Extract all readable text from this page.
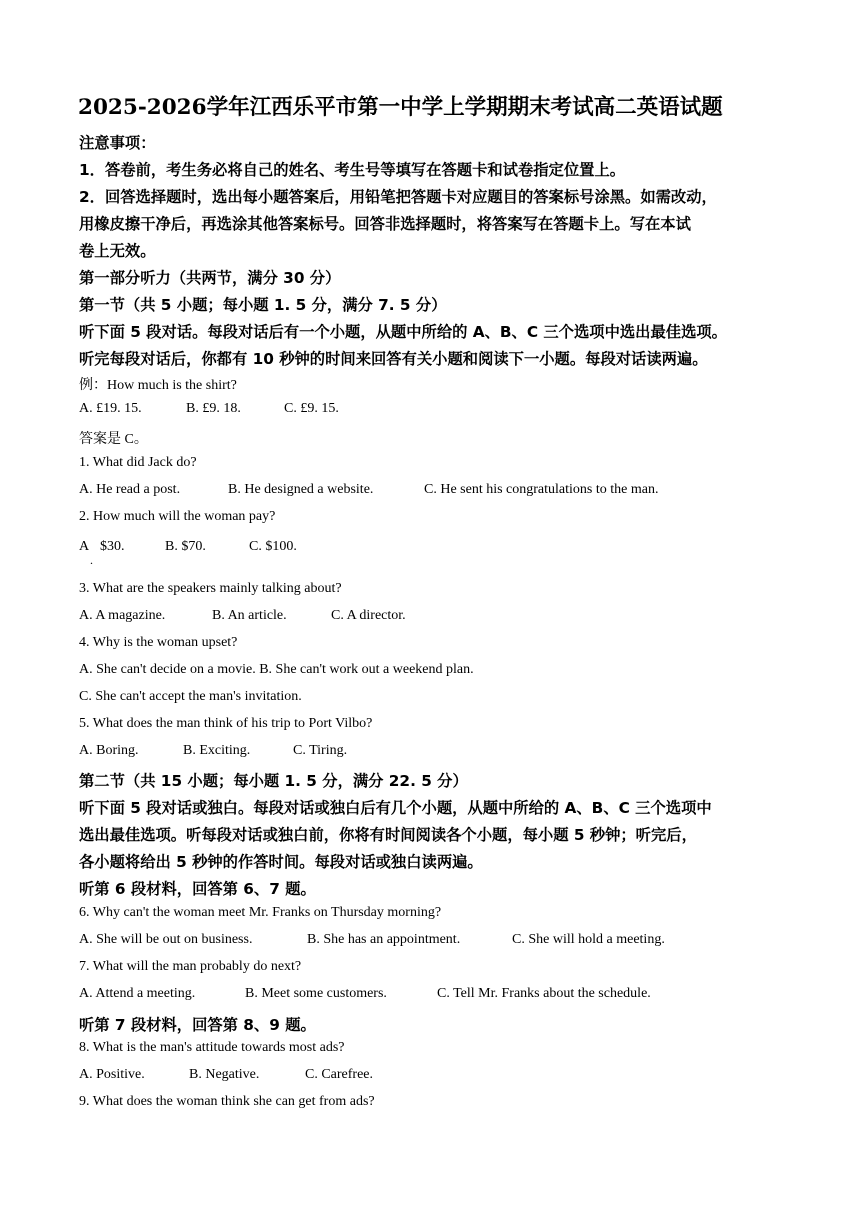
2025-2026学年江西乐平市第一中学上学期期末考试高二英语试题
注意事项：
1．答卷前，考生务必将自己的姓名、考生号等填写在答题卡和试卷指定位置上。
2．回答选择题时，选出每小题答案后，用铅笔把答题卡对应题目的答案标号涂黑。如需改动，
用橡皮擦干净后，再选涂其他答案标号。回答非选择题时，将答案写在答题卡上。写在本试
卷上无效。
第一部分听力（共两节，满分 30 分）
第一节（共 5 小题；每小题 1. 5 分，满分 7. 5 分）
听下面 5 段对话。每段对话后有一个小题，从题中所给的 A、B、C 三个选项中选出最佳选项。
听完每段对话后，你都有 10 秒钟的时间来回答有关小题和阅读下一小题。每段对话读两遍。
例：How much is the shirt?
A. £19. 15.	B. £9. 18.	C. £9. 15.
答案是 C。
1. What did Jack do?
A. He read a post.	B. He designed a website.	C. He sent his congratulations to the man.
2. How much will the woman pay?
A $30.	B. $70.	C. $100.
.
3. What are the speakers mainly talking about?
A. A magazine.	B. An article.	C. A director.
4. Why is the woman upset?
A. She can't decide on a movie. B. She can't work out a weekend plan.
C. She can't accept the man's invitation.
5. What does the man think of his trip to Port Vilbo?
A. Boring.	B. Exciting.	C. Tiring.
第二节（共 15 小题；每小题 1. 5 分，满分 22. 5 分）
听下面 5 段对话或独白。每段对话或独白后有几个小题，从题中所给的 A、B、C 三个选项中
选出最佳选项。听每段对话或独白前，你将有时间阅读各个小题，每小题 5 秒钟；听完后，
各小题将给出 5 秒钟的作答时间。每段对话或独白读两遍。
听第 6 段材料，回答第 6、7 题。
6. Why can't the woman meet Mr. Franks on Thursday morning?
A. She will be out on business.	B. She has an appointment.	C. She will hold a meeting.
7. What will the man probably do next?
A. Attend a meeting.	B. Meet some customers.	C. Tell Mr. Franks about the schedule.
听第 7 段材料，回答第 8、9 题。
8. What is the man's attitude towards most ads?
A. Positive.	B. Negative.	C. Carefree.
9. What does the woman think she can get from ads?
